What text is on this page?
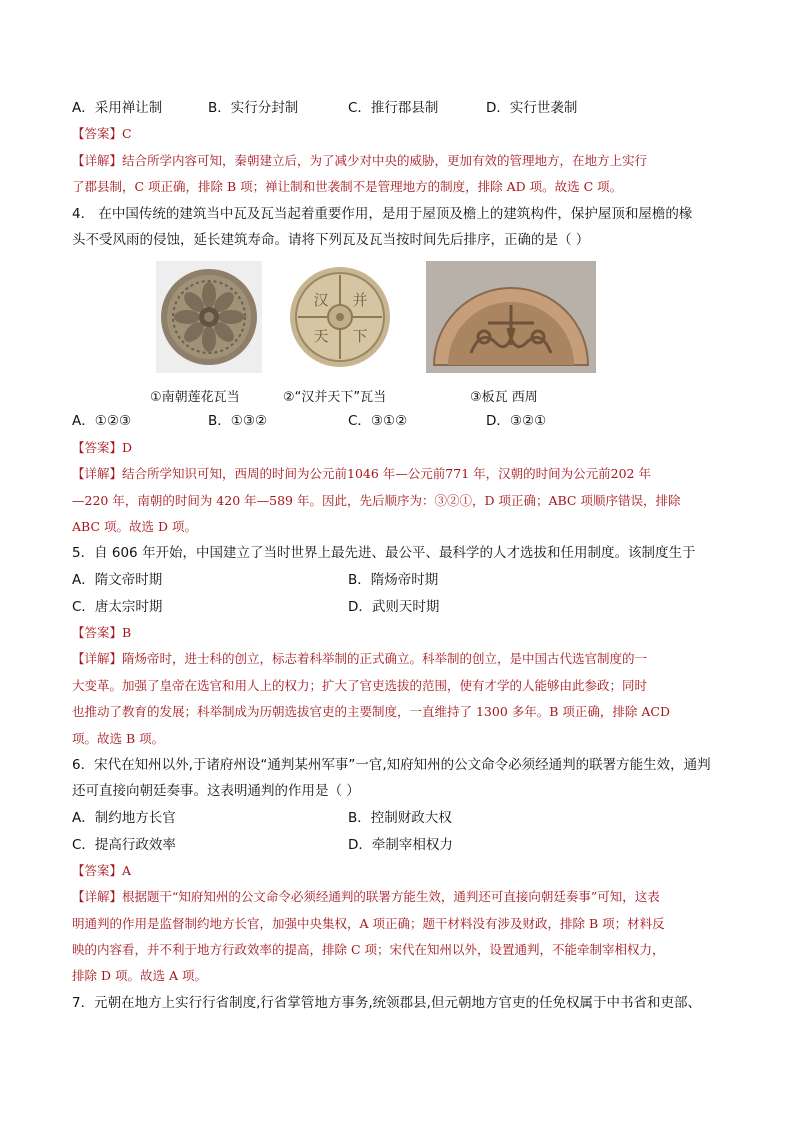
A．采用禅让制	B．实行分封制	C．推行郡县制	D．实行世袭制
【答案】C
【详解】结合所学内容可知，秦朝建立后，为了减少对中央的威胁，更加有效的管理地方，在地方上实行
了郡县制，C 项正确，排除 B 项；禅让制和世袭制不是管理地方的制度，排除 AD 项。故选 C 项。
4． 在中国传统的建筑当中瓦及瓦当起着重要作用，是用于屋顶及檐上的建筑构件，保护屋顶和屋檐的椽
头不受风雨的侵蚀，延长建筑寿命。请将下列瓦及瓦当按时间先后排序，正确的是（ ）
汉 并
天 下
①南朝莲花瓦当	②“汉并天下”瓦当	③板瓦 西周
A．①②③	B．①③②	C．③①②	D．③②①
【答案】D
【详解】结合所学知识可知，西周的时间为公元前1046 年—公元前771 年，汉朝的时间为公元前202 年
—220 年，南朝的时间为 420 年—589 年。因此，先后顺序为：③②①，D 项正确；ABC 项顺序错误，排除
ABC 项。故选 D 项。
5．自 606 年开始，中国建立了当时世界上最先进、最公平、最科学的人才选拔和任用制度。该制度生于
A．隋文帝时期	B．隋炀帝时期
C．唐太宗时期	D．武则天时期
【答案】B
【详解】隋炀帝时，进士科的创立，标志着科举制的正式确立。科举制的创立，是中国古代选官制度的一
大变革。加强了皇帝在选官和用人上的权力；扩大了官吏选拔的范围，使有才学的人能够由此参政；同时
也推动了教育的发展；科举制成为历朝选拔官吏的主要制度，一直维持了 1300 多年。B 项正确，排除 ACD
项。故选 B 项。
6．宋代在知州以外,于诸府州设“通判某州军事”一官,知府知州的公文命令必须经通判的联署方能生效，通判
还可直接向朝廷奏事。这表明通判的作用是（ ）
A．制约地方长官	B．控制财政大权
C．提高行政效率	D．牵制宰相权力
【答案】A
【详解】根据题干“知府知州的公文命令必须经通判的联署方能生效，通判还可直接向朝廷奏事”可知，这表
明通判的作用是监督制约地方长官，加强中央集权，A 项正确；题干材料没有涉及财政，排除 B 项；材料反
映的内容看，并不利于地方行政效率的提高，排除 C 项；宋代在知州以外，设置通判，不能牵制宰相权力，
排除 D 项。故选 A 项。
7．元朝在地方上实行行省制度,行省掌管地方事务,统领郡县,但元朝地方官吏的任免权属于中书省和吏部、
